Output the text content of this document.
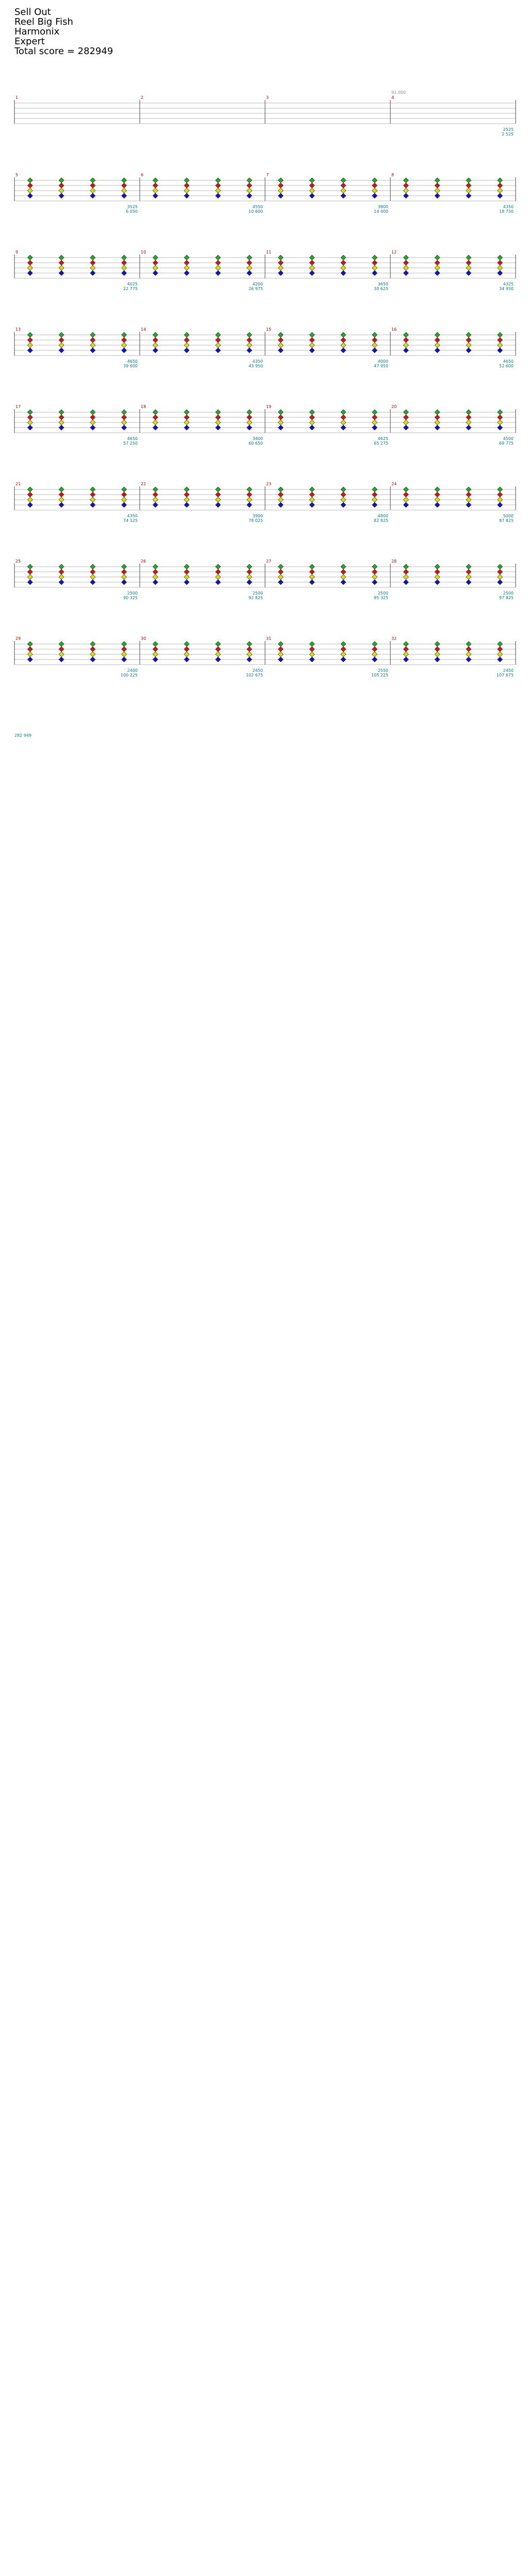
Sell Out
Reel Big Fish
Harmonix
Expert
Total score = 282949
1	2	3	4
2525
2 525
91.000
5
3525
6 050
6
4550
10 600
7
3800
14 400
8
4350
18 750
9
4025
22 775
10
4200
26 975
11
3650
30 625
12
4325
34 950
13
4650
39 600
14
4350
43 950
15
4000
47 950
16
4650
52 600
17
4650
57 250
18
3400
60 650
19
4625
65 275
20
4500
69 775
21
4350
74 125
22
3900
78 025
23
4800
82 825
24
5000
87 825
25
2500
90 325
26
2500
92 825
27
2500
95 325
28
2500
97 825
29
2400
100 225
30
2450
102 675
31
2550
105 225
32
2450
107 675
282 949
